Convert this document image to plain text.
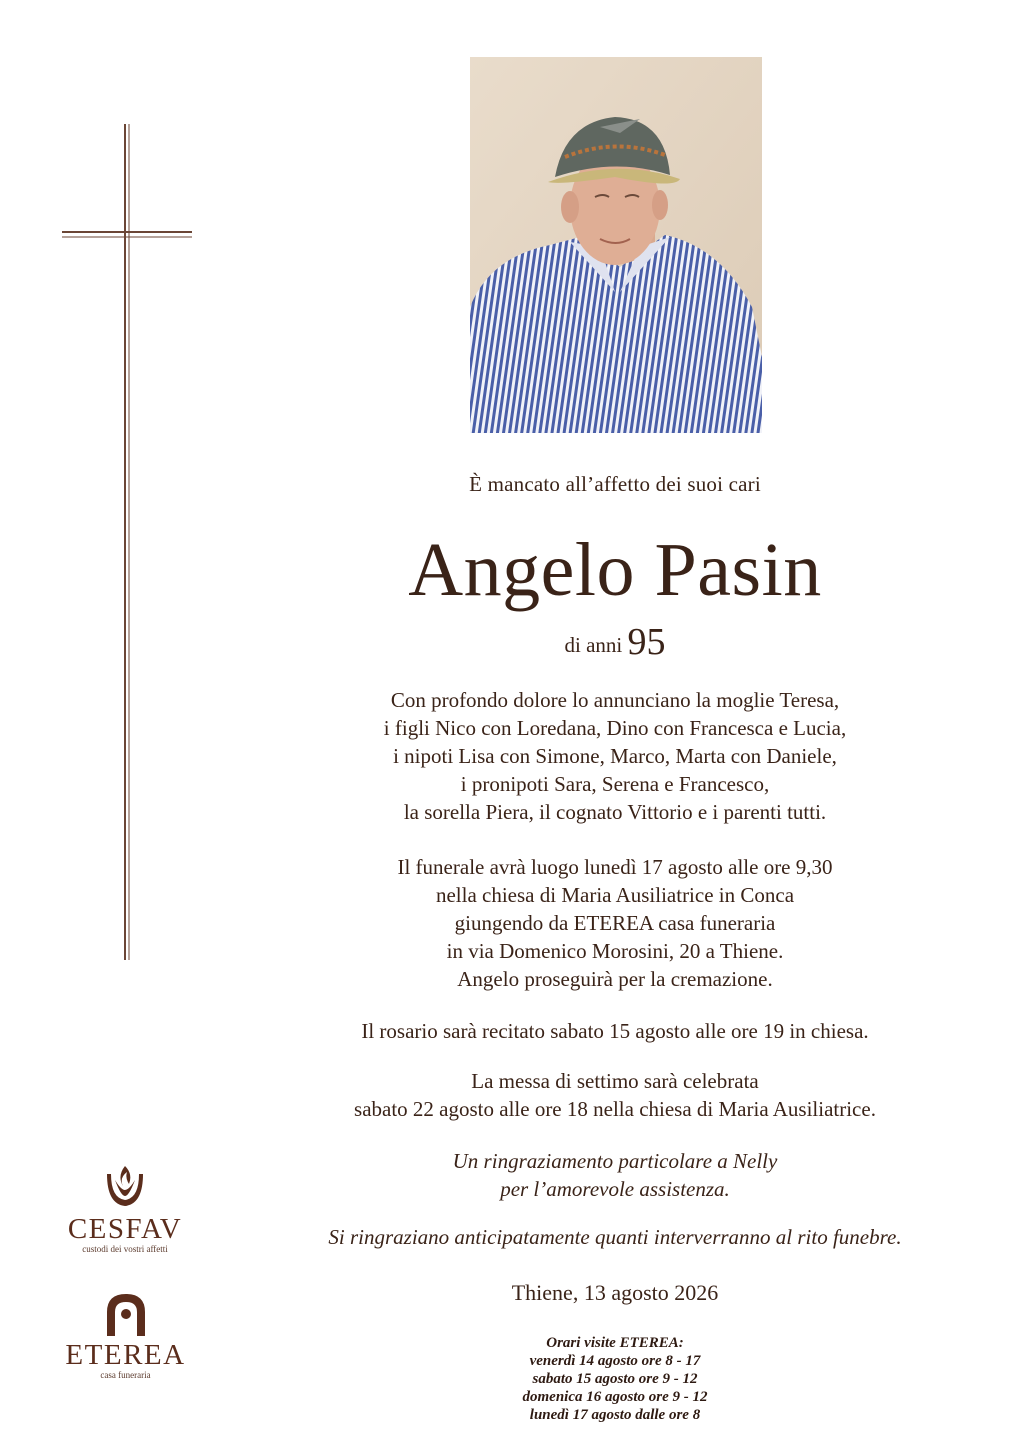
È mancato all’affetto dei suoi cari
Angelo Pasin
di anni 95
Con profondo dolore lo annunciano la moglie Teresa,
i figli Nico con Loredana, Dino con Francesca e Lucia,
i nipoti Lisa con Simone, Marco, Marta con Daniele,
i pronipoti Sara, Serena e Francesco,
la sorella Piera, il cognato Vittorio e i parenti tutti.
Il funerale avrà luogo lunedì 17 agosto alle ore 9,30
nella chiesa di Maria Ausiliatrice in Conca
giungendo da ETEREA casa funeraria
in via Domenico Morosini, 20 a Thiene.
Angelo proseguirà per la cremazione.
Il rosario sarà recitato sabato 15 agosto alle ore 19 in chiesa.
La messa di settimo sarà celebrata
sabato 22 agosto alle ore 18 nella chiesa di Maria Ausiliatrice.
Un ringraziamento particolare a Nelly
per l’amorevole assistenza.
Si ringraziano anticipatamente quanti interverranno al rito funebre.
Thiene, 13 agosto 2026
Orari visite ETEREA:
venerdì 14 agosto ore 8 - 17
sabato 15 agosto ore 9 - 12
domenica 16 agosto ore 9 - 12
lunedì 17 agosto dalle ore 8
CESFAV
custodi dei vostri affetti
ETEREA
casa funeraria
